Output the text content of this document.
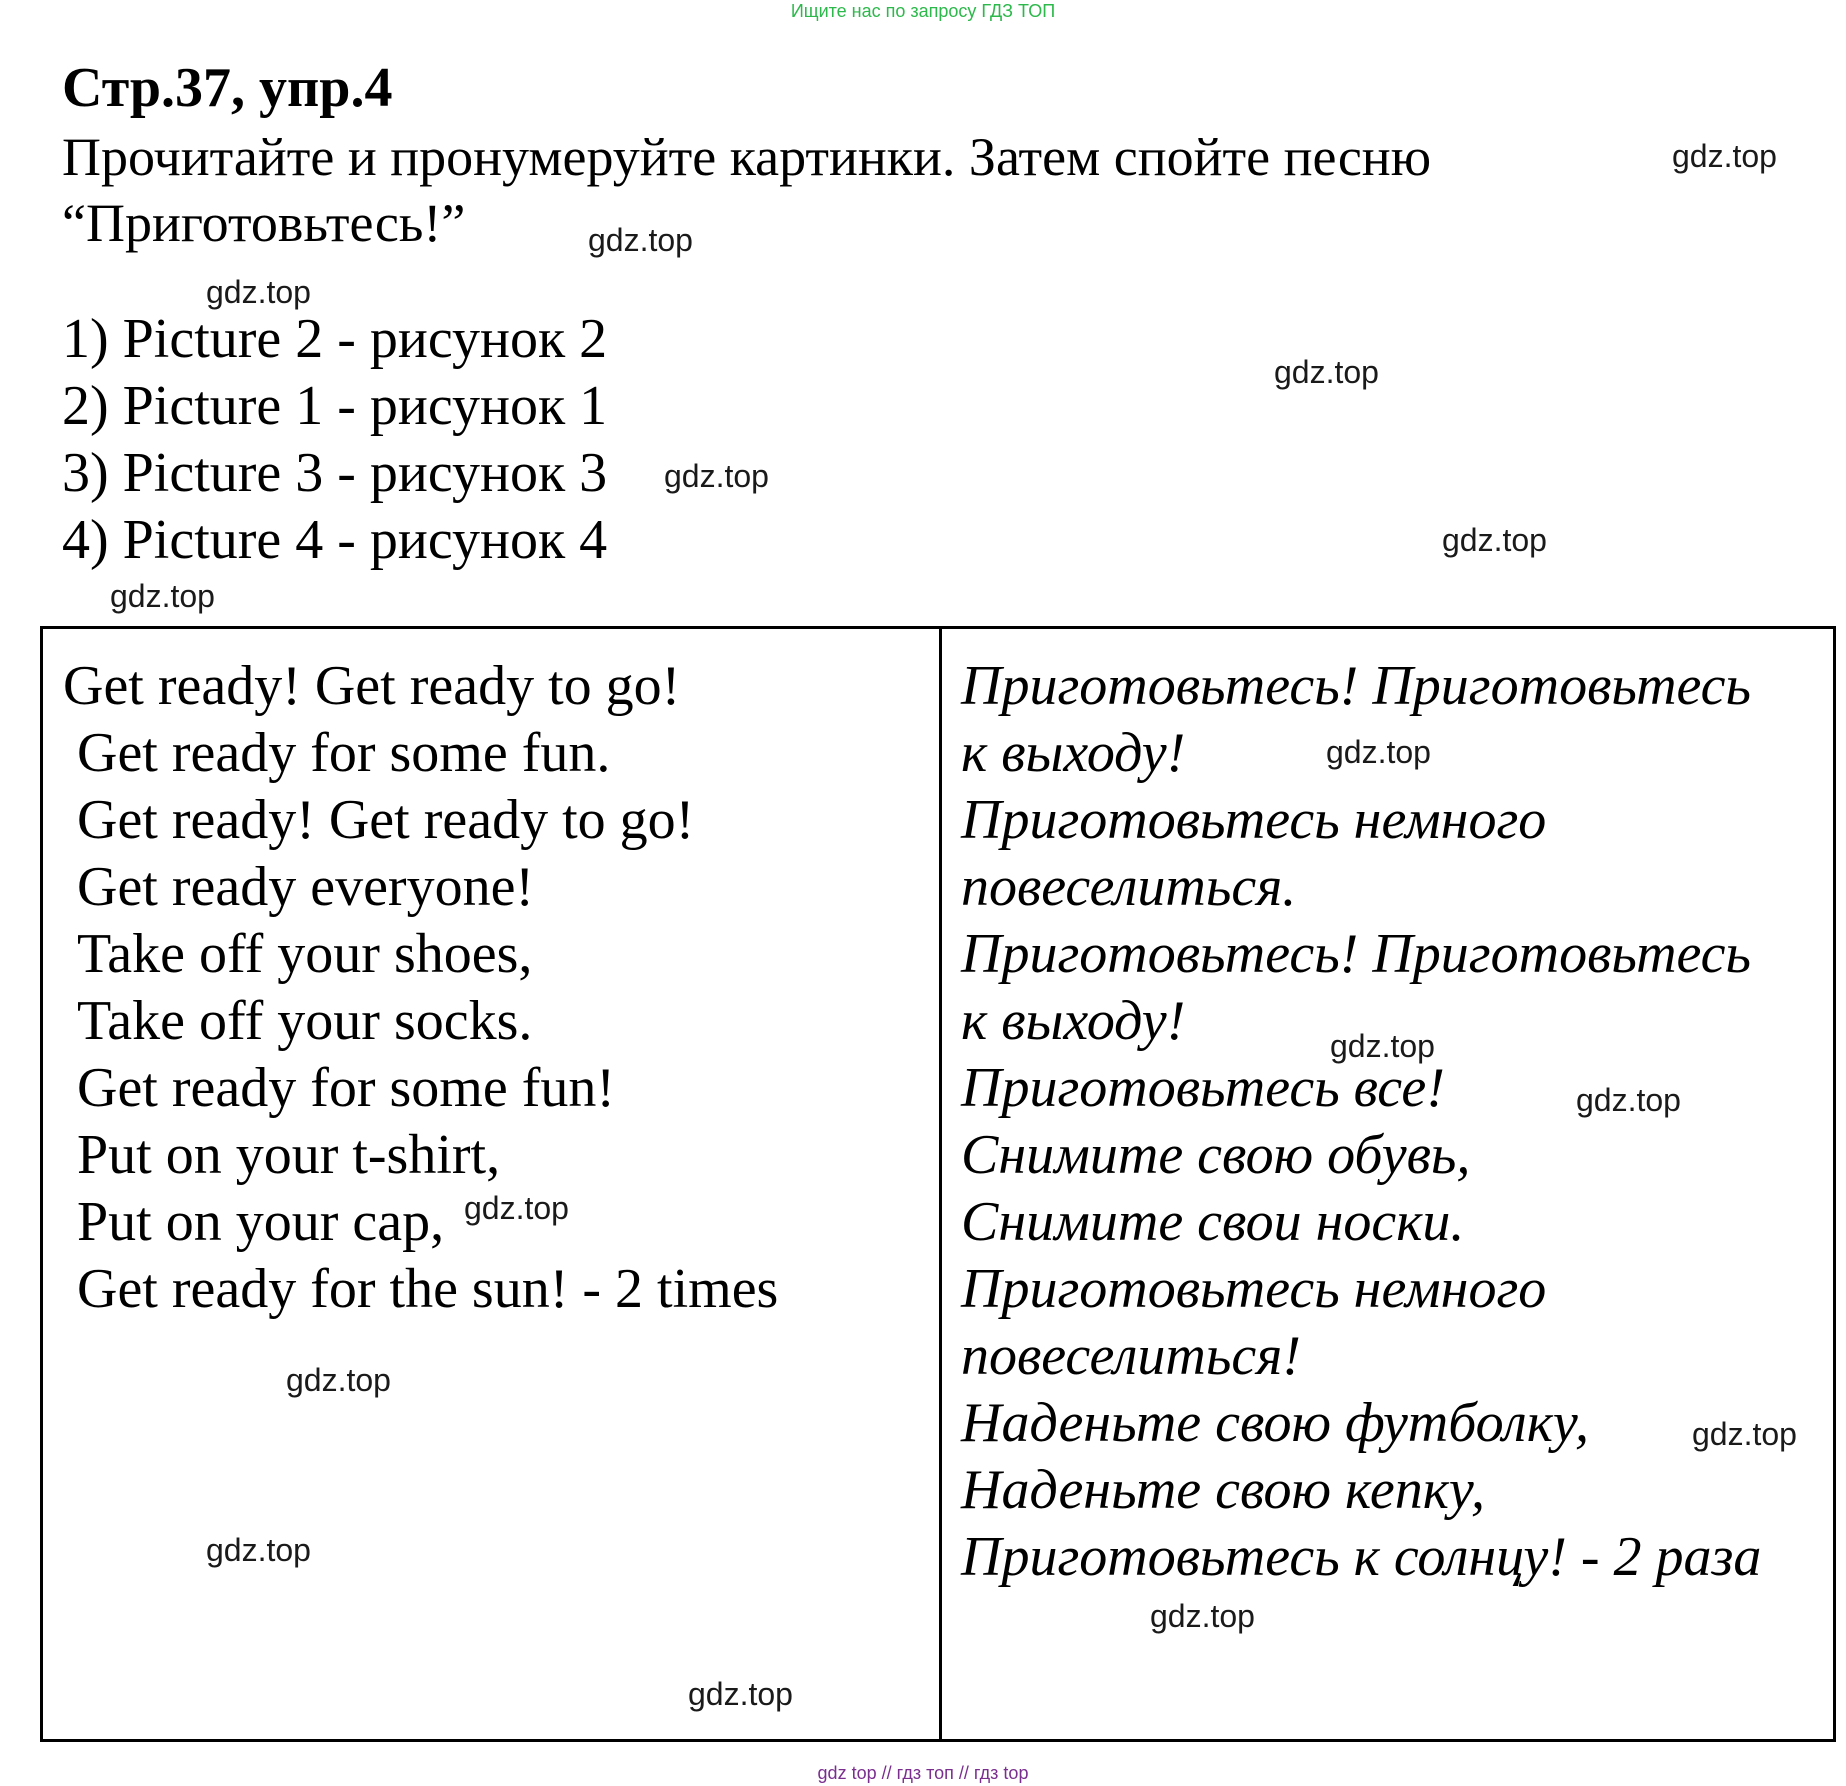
Ищите нас по запросу ГДЗ ТОП
Стр.37, упр.4
Прочитайте и пронумеруйте картинки. Затем спойте песню
“Приготовьтесь!”
1) Picture 2 - рисунок 2
2) Picture 1 - рисунок 1
3) Picture 3 - рисунок 3
4) Picture 4 - рисунок 4
Get ready! Get ready to go!
Get ready for some fun.
Get ready! Get ready to go!
Get ready everyone!
Take off your shoes,
Take off your socks.
Get ready for some fun!
Put on your t-shirt,
Put on your cap,
Get ready for the sun! - 2 times
Приготовьтесь! Приготовьтесь
к выходу!
Приготовьтесь немного
повеселиться.
Приготовьтесь! Приготовьтесь
к выходу!
Приготовьтесь все!
Снимите свою обувь,
Снимите свои носки.
Приготовьтесь немного
повеселиться!
Наденьте свою футболку,
Наденьте свою кепку,
Приготовьтесь к солнцу! - 2 раза
gdz.top
gdz.top
gdz.top
gdz.top
gdz.top
gdz.top
gdz.top
gdz.top
gdz.top
gdz.top
gdz.top
gdz.top
gdz.top
gdz.top
gdz.top
gdz.top
gdz top // гдз топ // гдз top
